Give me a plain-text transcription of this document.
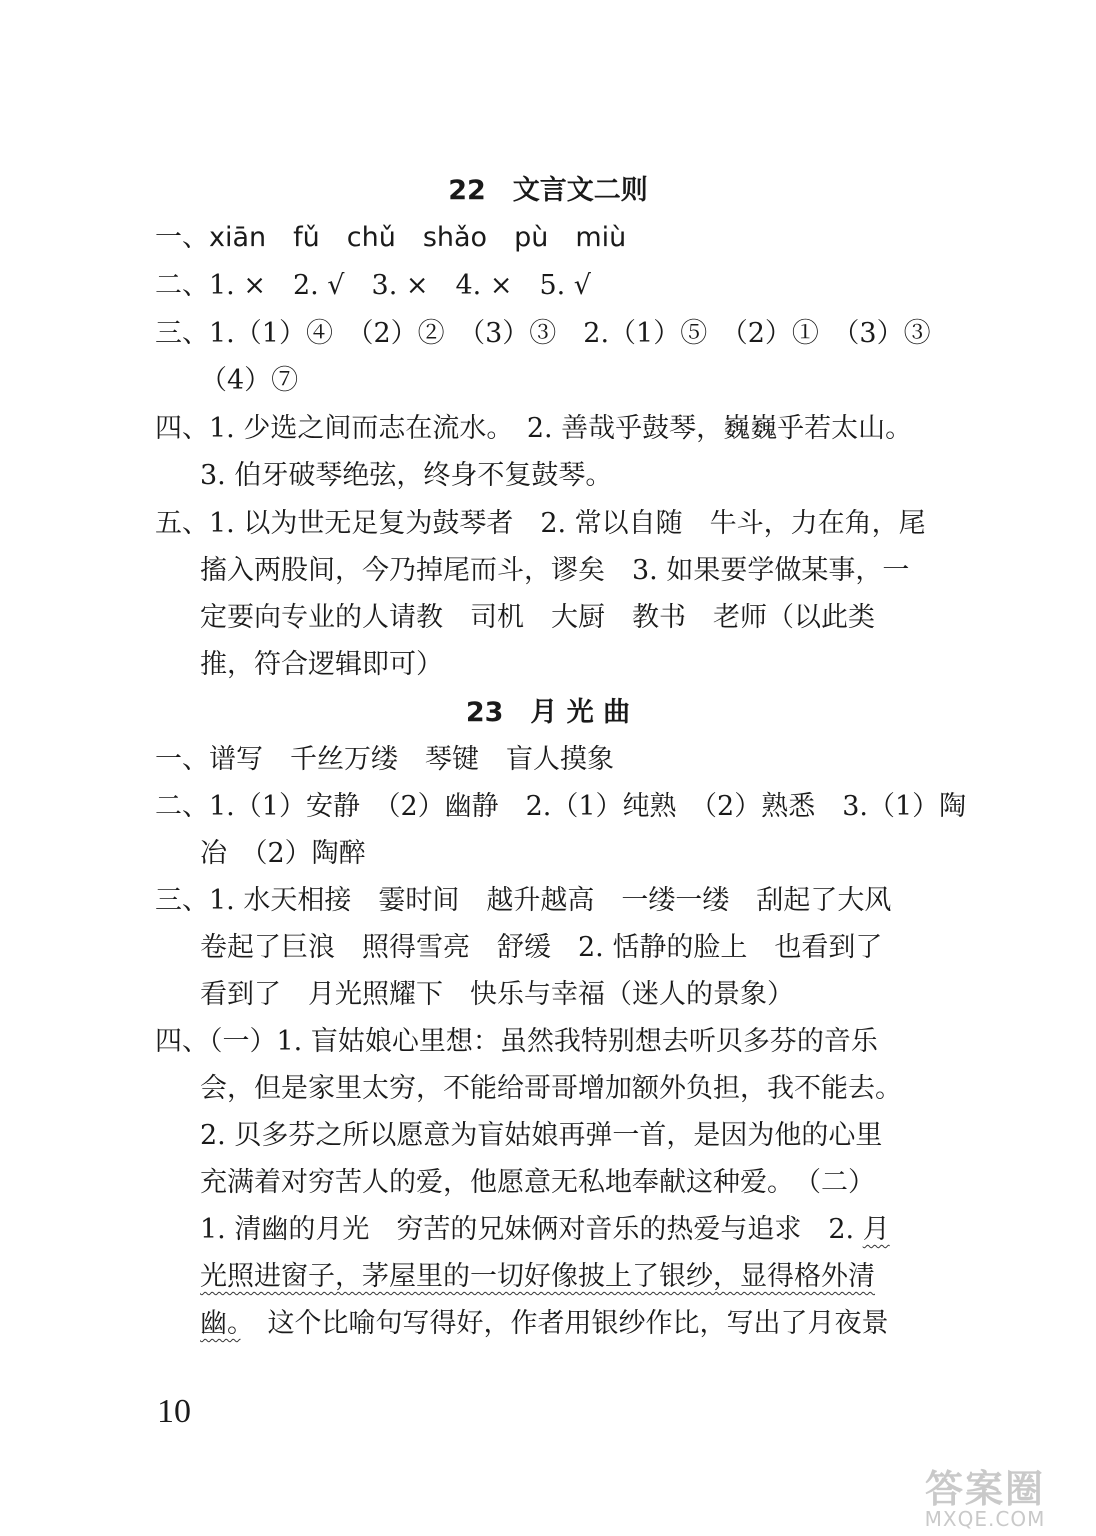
22　文言文二则
一、xiān　fǔ　chǔ　shǎo　pù　miù
二、1. ×　2. √　3. ×　4. ×　5. √
三、1.（1）④　（2）②　（3）③　2.（1）⑤　（2）①　（3）③
（4）⑦
四、1. 少选之间而志在流水。　2. 善哉乎鼓琴，巍巍乎若太山。
3. 伯牙破琴绝弦，终身不复鼓琴。
五、1. 以为世无足复为鼓琴者　2. 常以自随　牛斗，力在角，尾
搐入两股间，今乃掉尾而斗，谬矣　3. 如果要学做某事，一
定要向专业的人请教　司机　大厨　教书　老师（以此类
推，符合逻辑即可）
23　月 光 曲
一、谱写　千丝万缕　琴键　盲人摸象
二、1.（1）安静　（2）幽静　2.（1）纯熟　（2）熟悉　3.（1）陶
冶　（2）陶醉
三、1. 水天相接　霎时间　越升越高　一缕一缕　刮起了大风
卷起了巨浪　照得雪亮　舒缓　2. 恬静的脸上　也看到了
看到了　月光照耀下　快乐与幸福（迷人的景象）
四、（一）1. 盲姑娘心里想：虽然我特别想去听贝多芬的音乐
会，但是家里太穷，不能给哥哥增加额外负担，我不能去。
2. 贝多芬之所以愿意为盲姑娘再弹一首，是因为他的心里
充满着对穷苦人的爱，他愿意无私地奉献这种爱。　（二）
1. 清幽的月光　穷苦的兄妹俩对音乐的热爱与追求　2. 月
光照进窗子，茅屋里的一切好像披上了银纱，显得格外清
幽。　这个比喻句写得好，作者用银纱作比，写出了月夜景
10
答案圈
MXQE.COM
